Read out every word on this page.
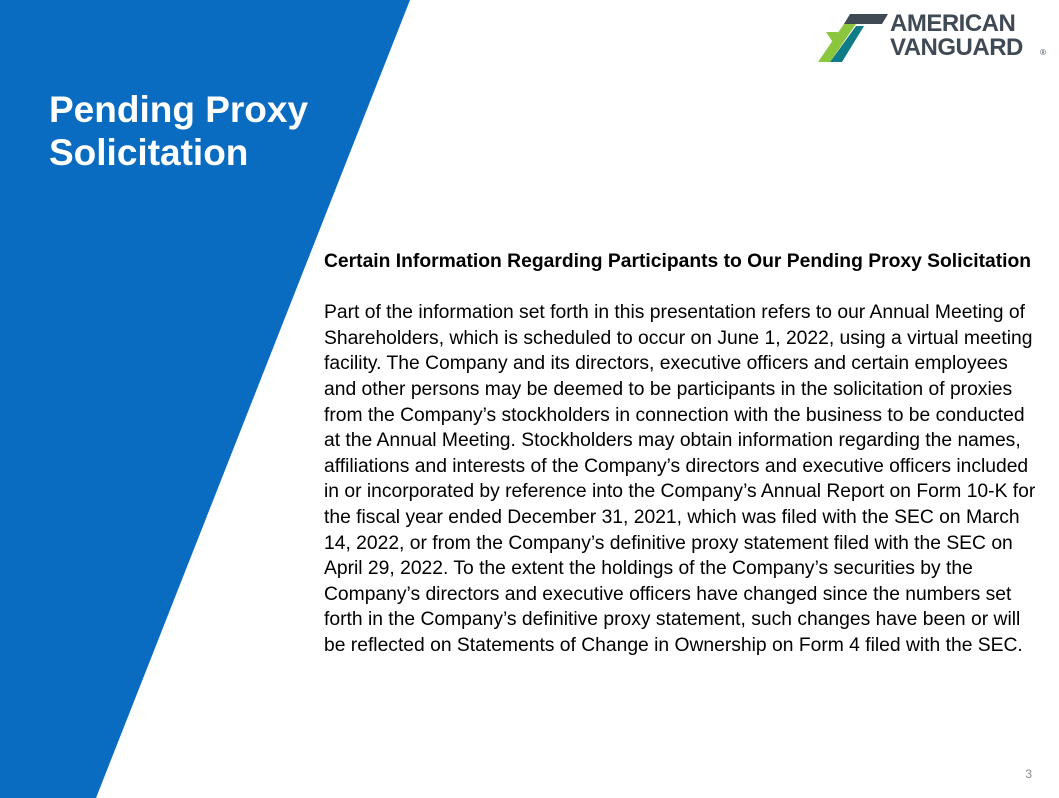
Pending Proxy
Solicitation
AMERICAN
VANGUARD ®

Certain Information Regarding Participants to Our Pending Proxy Solicitation

Part of the information set forth in this presentation refers to our Annual Meeting of Shareholders, which is scheduled to occur on June 1, 2022, using a virtual meeting facility. The Company and its directors, executive officers and certain employees and other persons may be deemed to be participants in the solicitation of proxies from the Company’s stockholders in connection with the business to be conducted at the Annual Meeting. Stockholders may obtain information regarding the names, affiliations and interests of the Company’s directors and executive officers included in or incorporated by reference into the Company’s Annual Report on Form 10-K for the fiscal year ended December 31, 2021, which was filed with the SEC on March 14, 2022, or from the Company’s definitive proxy statement filed with the SEC on April 29, 2022. To the extent the holdings of the Company’s securities by the Company’s directors and executive officers have changed since the numbers set forth in the Company’s definitive proxy statement, such changes have been or will be reflected on Statements of Change in Ownership on Form 4 filed with the SEC.

3
